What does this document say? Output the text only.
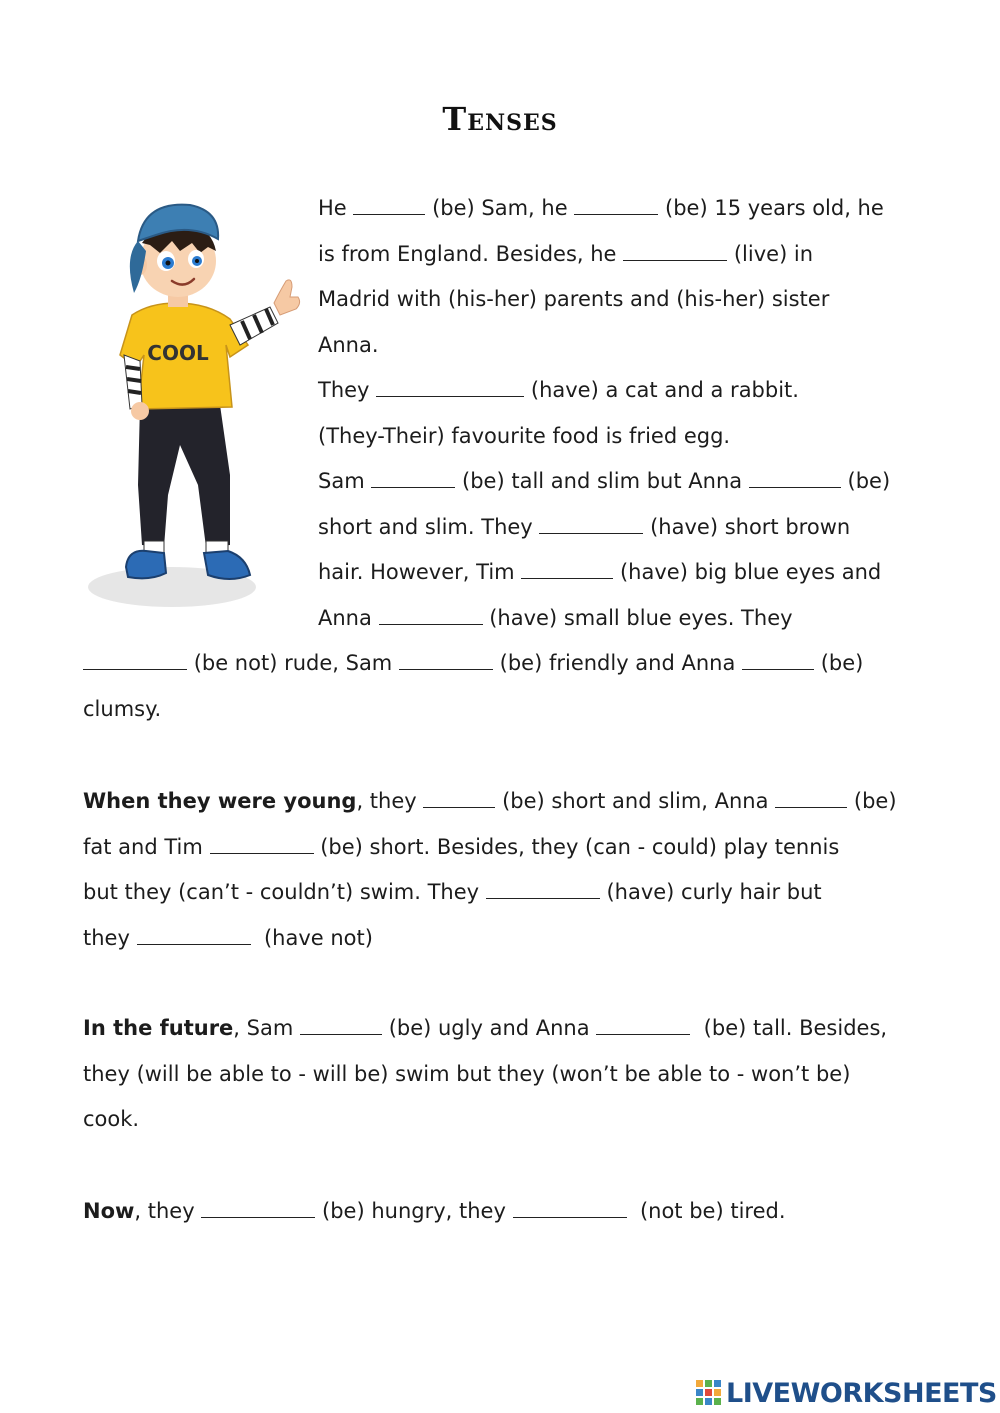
Tenses
COOL
He	(be) Sam, he	(be) 15 years old, he
is from England. Besides, he	(live) in
Madrid with (his-her) parents and (his-her) sister
Anna.
They	(have) a cat and a rabbit.
(They-Their) favourite food is fried egg.
Sam	(be) tall and slim but Anna	(be)
short and slim. They	(have) short brown
hair. However, Tim	(have) big blue eyes and
Anna	(have) small blue eyes. They
(be not) rude, Sam	(be) friendly and Anna	(be)
clumsy.
When they were young, they	(be) short and slim, Anna	(be)
fat and Tim	(be) short. Besides, they (can - could) play tennis
but they (can’t - couldn’t) swim. They	(have) curly hair but
they	(have not)
In the future, Sam	(be) ugly and Anna	(be) tall. Besides,
they (will be able to - will be) swim but they (won’t be able to - won’t be)
cook.
Now, they	(be) hungry, they	(not be) tired.
LIVEWORKSHEETS
